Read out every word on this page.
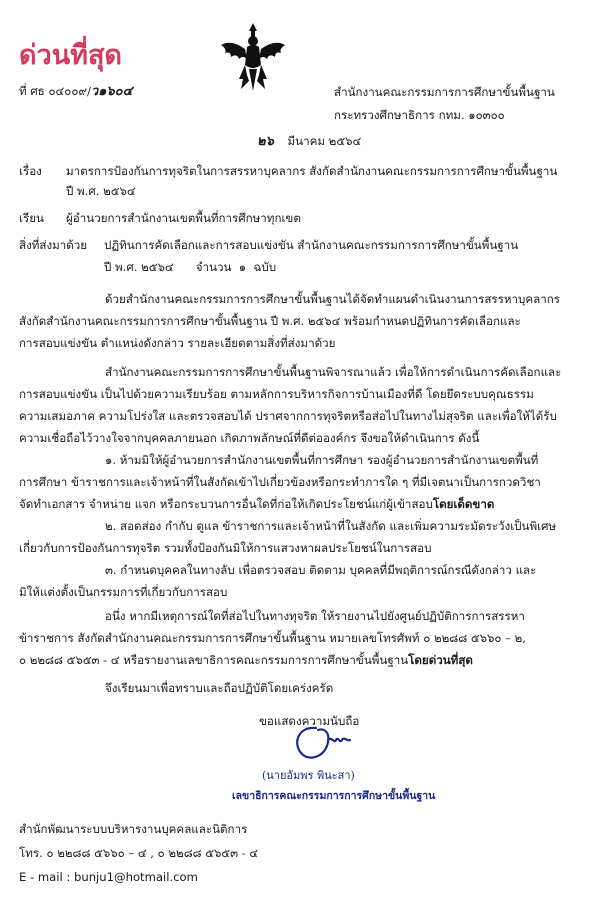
ด่วนที่สุด
ที่ ศธ ๐๔๐๐๙/ว๑๖๐๔	สำนักงานคณะกรรมการการศึกษาขั้นพื้นฐาน
กระทรวงศึกษาธิการ กทม. ๑๐๓๐๐
๒๖ มีนาคม ๒๕๖๔
เรื่อง มาตรการป้องกันการทุจริตในการสรรหาบุคลากร สังกัดสำนักงานคณะกรรมการการศึกษาขั้นพื้นฐาน
ปี พ.ศ. ๒๕๖๔
เรียน ผู้อำนวยการสำนักงานเขตพื้นที่การศึกษาทุกเขต
สิ่งที่ส่งมาด้วย ปฏิทินการคัดเลือกและการสอบแข่งขัน สำนักงานคณะกรรมการการศึกษาขั้นพื้นฐาน
ปี พ.ศ. ๒๕๖๔      จำนวน  ๑  ฉบับ
ด้วยสำนักงานคณะกรรมการการศึกษาขั้นพื้นฐานได้จัดทำแผนดำเนินงานการสรรหาบุคลากร
สังกัดสำนักงานคณะกรรมการการศึกษาขั้นพื้นฐาน ปี พ.ศ. ๒๕๖๔ พร้อมกำหนดปฏิทินการคัดเลือกและ
การสอบแข่งขัน ตำแหน่งดังกล่าว รายละเอียดตามสิ่งที่ส่งมาด้วย
สำนักงานคณะกรรมการการศึกษาขั้นพื้นฐานพิจารณาแล้ว เพื่อให้การดำเนินการคัดเลือกและ
การสอบแข่งขัน เป็นไปด้วยความเรียบร้อย ตามหลักการบริหารกิจการบ้านเมืองที่ดี โดยยึดระบบคุณธรรม
ความเสมอภาค ความโปร่งใส และตรวจสอบได้ ปราศจากการทุจริตหรือส่อไปในทางไม่สุจริต และเพื่อให้ได้รับ
ความเชื่อถือไว้วางใจจากบุคคลภายนอก เกิดภาพลักษณ์ที่ดีต่อองค์กร จึงขอให้ดำเนินการ ดังนี้
๑. ห้ามมิให้ผู้อำนวยการสำนักงานเขตพื้นที่การศึกษา รองผู้อำนวยการสำนักงานเขตพื้นที่
การศึกษา ข้าราชการและเจ้าหน้าที่ในสังกัดเข้าไปเกี่ยวข้องหรือกระทำการใด ๆ ที่มีเจตนาเป็นการกวดวิชา
จัดทำเอกสาร จำหน่าย แจก หรือกระบวนการอื่นใดที่ก่อให้เกิดประโยชน์แก่ผู้เข้าสอบโดยเด็ดขาด
๒. สอดส่อง กำกับ ดูแล ข้าราชการและเจ้าหน้าที่ในสังกัด และเพิ่มความระมัดระวังเป็นพิเศษ
เกี่ยวกับการป้องกันการทุจริต รวมทั้งป้องกันมิให้การแสวงหาผลประโยชน์ในการสอบ
๓. กำหนดบุคคลในทางลับ เพื่อตรวจสอบ ติดตาม บุคคลที่มีพฤติการณ์กรณีดังกล่าว และ
มิให้แต่งตั้งเป็นกรรมการที่เกี่ยวกับการสอบ
อนึ่ง หากมีเหตุการณ์ใดที่ส่อไปในทางทุจริต ให้รายงานไปยังศูนย์ปฏิบัติการการสรรหา
ข้าราชการ สังกัดสำนักงานคณะกรรมการการศึกษาขั้นพื้นฐาน หมายเลขโทรศัพท์ ๐ ๒๒๘๘ ๕๖๖๐ – ๒,
๐ ๒๒๘๘ ๕๖๕๓ - ๔ หรือรายงานเลขาธิการคณะกรรมการการศึกษาขั้นพื้นฐานโดยด่วนที่สุด
จึงเรียนมาเพื่อทราบและถือปฏิบัติโดยเคร่งครัด
ขอแสดงความนับถือ
(นายอัมพร พินะสา)
เลขาธิการคณะกรรมการการศึกษาขั้นพื้นฐาน
สำนักพัฒนาระบบบริหารงานบุคคลและนิติการ
โทร. ๐ ๒๒๘๘ ๕๖๖๐ – ๔ , ๐ ๒๒๘๘ ๕๖๕๓ - ๔
E - mail : bunju1@hotmail.com
